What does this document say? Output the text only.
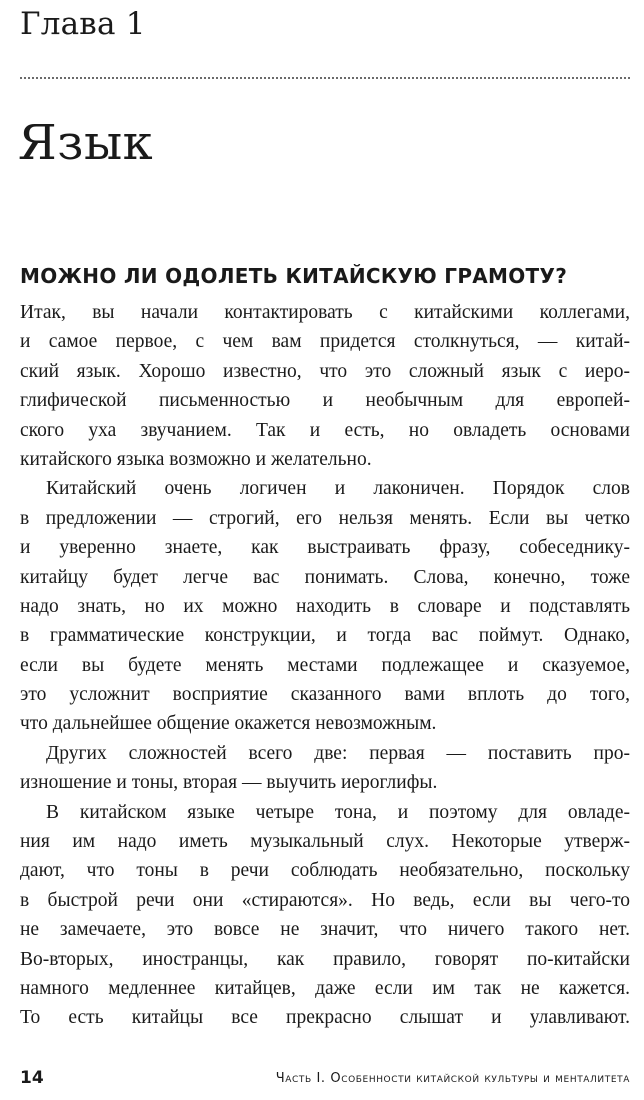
Глава 1
Язык
МОЖНО ЛИ ОДОЛЕТЬ КИТАЙСКУЮ ГРАМОТУ?
Итак, вы начали контактировать с китайскими коллегами,
и самое первое, с чем вам придется столкнуться, — китай-
ский язык. Хорошо известно, что это сложный язык с иеро-
глифической письменностью и необычным для европей-
ского уха звучанием. Так и есть, но овладеть основами
китайского языка возможно и желательно.
Китайский очень логичен и лаконичен. Порядок слов
в предложении — строгий, его нельзя менять. Если вы четко
и уверенно знаете, как выстраивать фразу, собеседнику-
китайцу будет легче вас понимать. Слова, конечно, тоже
надо знать, но их можно находить в словаре и подставлять
в грамматические конструкции, и тогда вас поймут. Однако,
если вы будете менять местами подлежащее и сказуемое,
это усложнит восприятие сказанного вами вплоть до того,
что дальнейшее общение окажется невозможным.
Других сложностей всего две: первая — поставить про-
изношение и тоны, вторая — выучить иероглифы.
В китайском языке четыре тона, и поэтому для овладе-
ния им надо иметь музыкальный слух. Некоторые утверж-
дают, что тоны в речи соблюдать необязательно, поскольку
в быстрой речи они «стираются». Но ведь, если вы чего-то
не замечаете, это вовсе не значит, что ничего такого нет.
Во-вторых, иностранцы, как правило, говорят по-китайски
намного медленнее китайцев, даже если им так не кажется.
То есть китайцы все прекрасно слышат и улавливают.
14	Часть I. Особенности китайской культуры и менталитета
